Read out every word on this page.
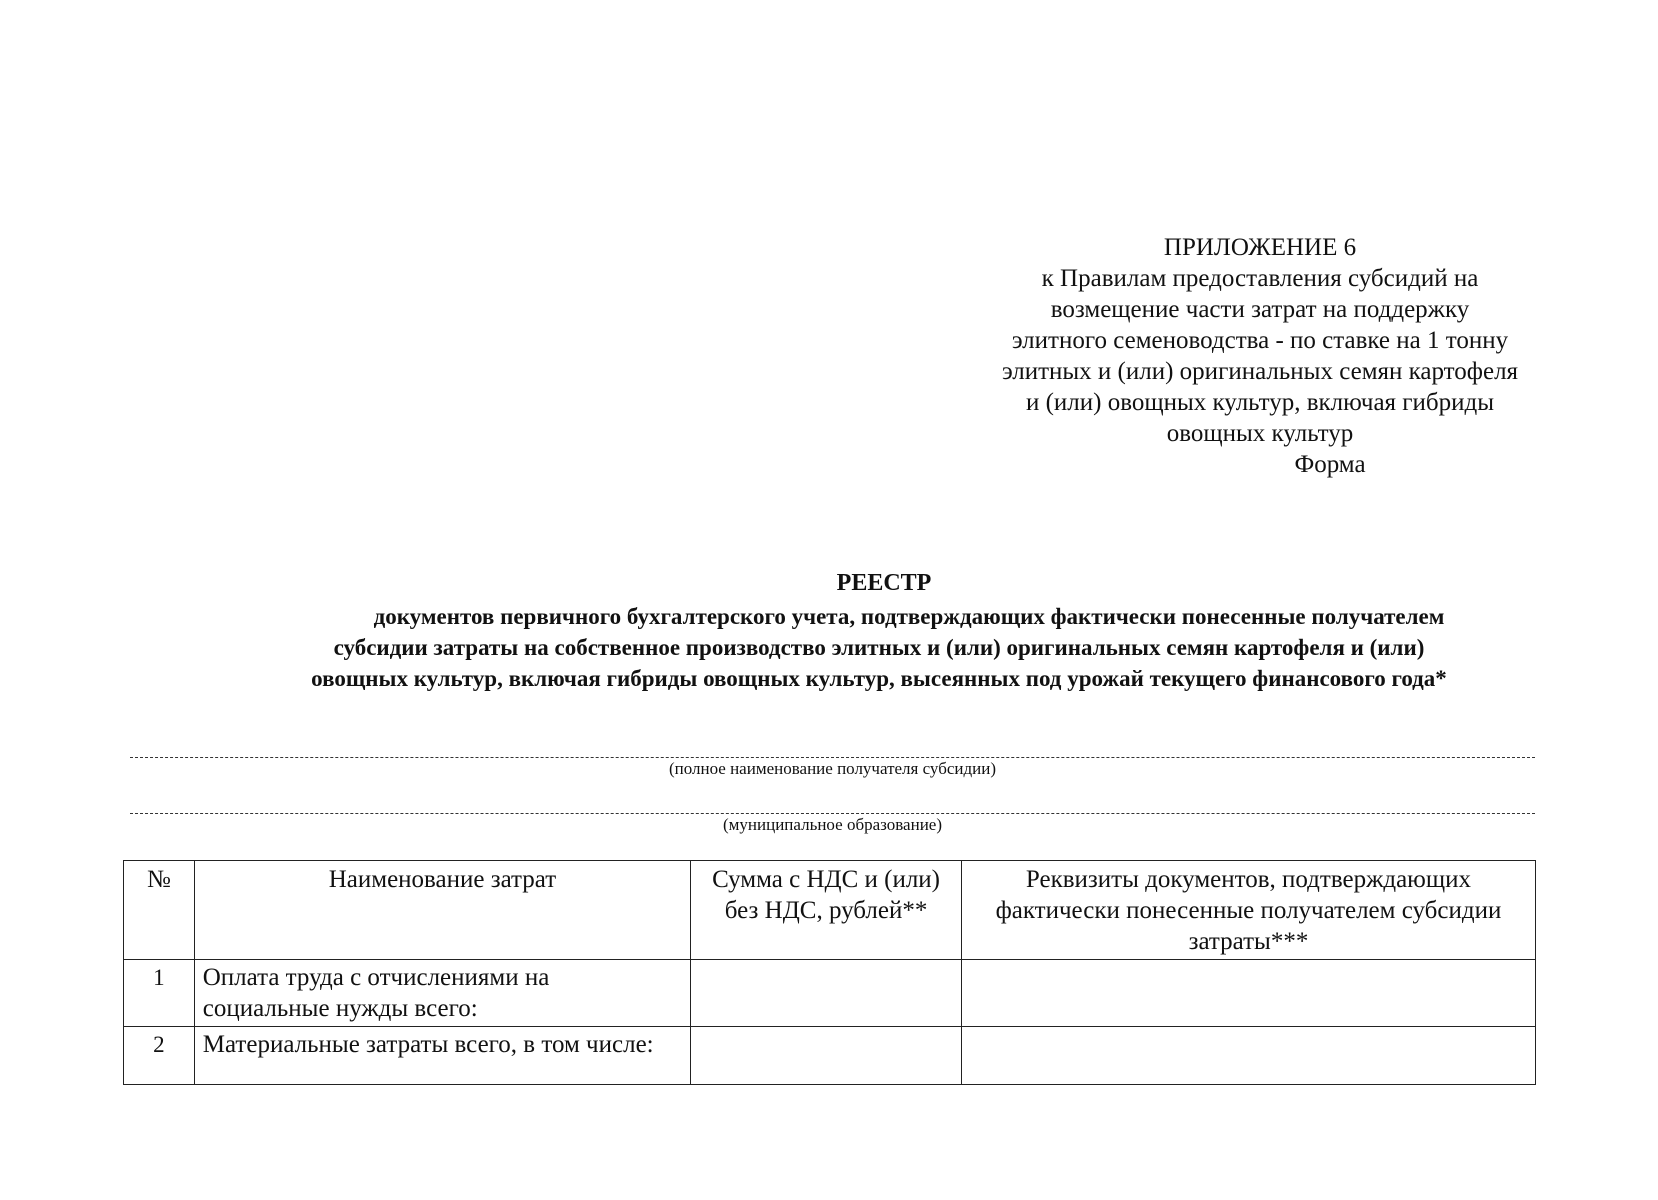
ПРИЛОЖЕНИЕ 6
к Правилам предоставления субсидий на
возмещение части затрат на поддержку
элитного семеноводства - по ставке на 1 тонну
элитных и (или) оригинальных семян картофеля
и (или) овощных культур, включая гибриды
овощных культур
Форма
РЕЕСТР
документов первичного бухгалтерского учета, подтверждающих фактически понесенные получателем
субсидии затраты на собственное производство элитных и (или) оригинальных семян картофеля и (или)
овощных культур, включая гибриды овощных культур, высеянных под урожай текущего финансового года*
(полное наименование получателя субсидии)
(муниципальное образование)
№	Наименование затрат	Сумма с НДС и (или) без НДС, рублей**	Реквизиты документов, подтверждающих фактически понесенные получателем субсидии затраты***
1	Оплата труда с отчислениями на социальные нужды всего:		
2	Материальные затраты всего, в том числе:		
